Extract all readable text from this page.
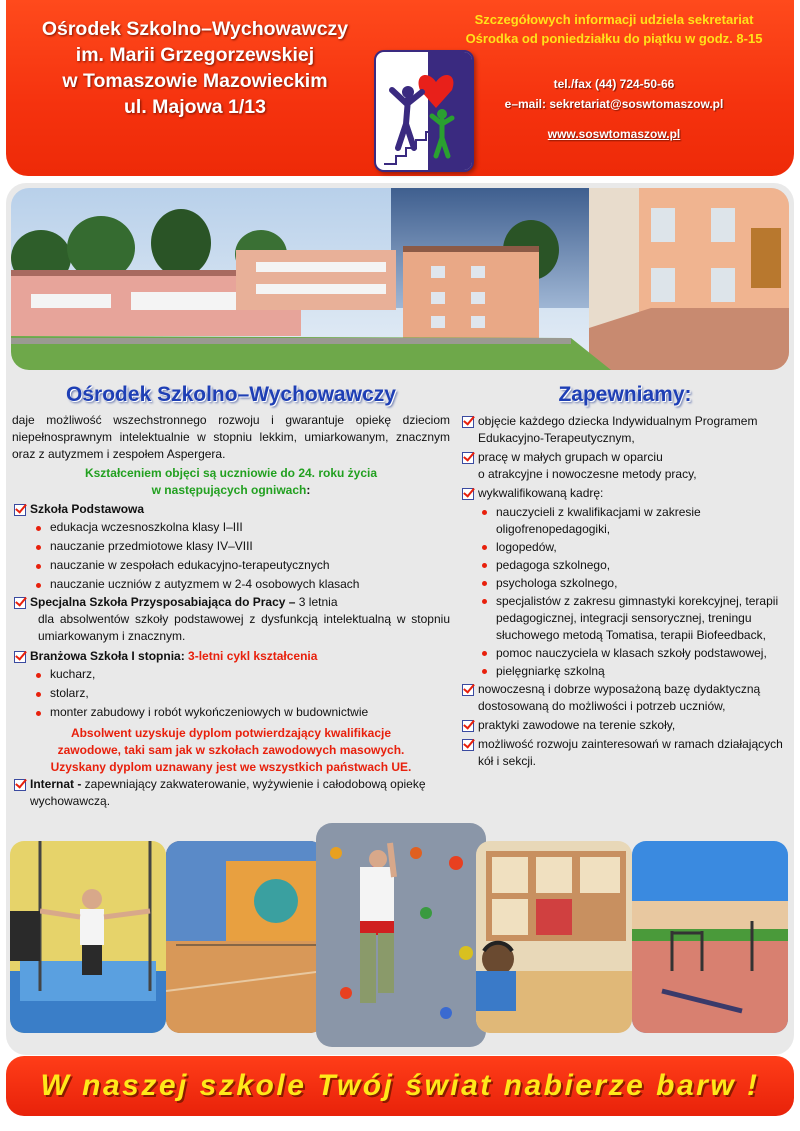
Ośrodek Szkolno–Wychowawczy
im. Marii Grzegorzewskiej
w Tomaszowie Mazowieckim
ul. Majowa 1/13
Szczegółowych informacji udziela sekretariat
Ośrodka od poniedziałku do piątku w godz. 8-15
tel./fax (44) 724-50-66
e–mail: sekretariat@soswtomaszow.pl
www.soswtomaszow.pl
Ośrodek Szkolno–Wychowawczy
daje możliwość wszechstronnego rozwoju i gwarantuje opiekę dzieciom niepełnosprawnym intelektualnie w stopniu lekkim, umiarkowanym, znacznym oraz z autyzmem i zespołem Aspergera.
Kształceniem objęci są uczniowie do 24. roku życia
w następujących ogniwach:
Szkoła Podstawowa
edukacja wczesnoszkolna klasy I–III
nauczanie przedmiotowe klasy IV–VIII
nauczanie w zespołach edukacyjno-terapeutycznych
nauczanie uczniów z autyzmem w 2-4 osobowych klasach
Specjalna Szkoła Przysposabiająca do Pracy – 3 letnia
dla absolwentów szkoły podstawowej z dysfunkcją intelektualną w stopniu umiarkowanym i znacznym.
Branżowa Szkoła I stopnia: 3-letni cykl kształcenia
kucharz,
stolarz,
monter zabudowy i robót wykończeniowych w budownictwie
Absolwent uzyskuje dyplom potwierdzający kwalifikacje
zawodowe, taki sam jak w szkołach zawodowych masowych.
Uzyskany dyplom uznawany jest we wszystkich państwach UE.
Internat - zapewniający zakwaterowanie, wyżywienie i całodobową opiekę wychowawczą.
Zapewniamy:
objęcie każdego dziecka Indywidualnym Programem Edukacyjno-Terapeutycznym,
pracę w małych grupach w oparciu
o atrakcyjne i nowoczesne metody pracy,
wykwalifikowaną kadrę:
nauczycieli z kwalifikacjami w zakresie oligofrenopedagogiki,
logopedów,
pedagoga szkolnego,
psychologa szkolnego,
specjalistów z zakresu gimnastyki korekcyjnej, terapii pedagogicznej, integracji sensorycznej, treningu słuchowego metodą Tomatisa, terapii Biofeedback,
pomoc nauczyciela w klasach szkoły podstawowej,
pielęgniarkę szkolną
nowoczesną i dobrze wyposażoną bazę dydaktyczną dostosowaną do możliwości i potrzeb uczniów,
praktyki zawodowe na terenie szkoły,
możliwość rozwoju zainteresowań w ramach działających kół i sekcji.
W naszej szkole Twój świat nabierze barw !
